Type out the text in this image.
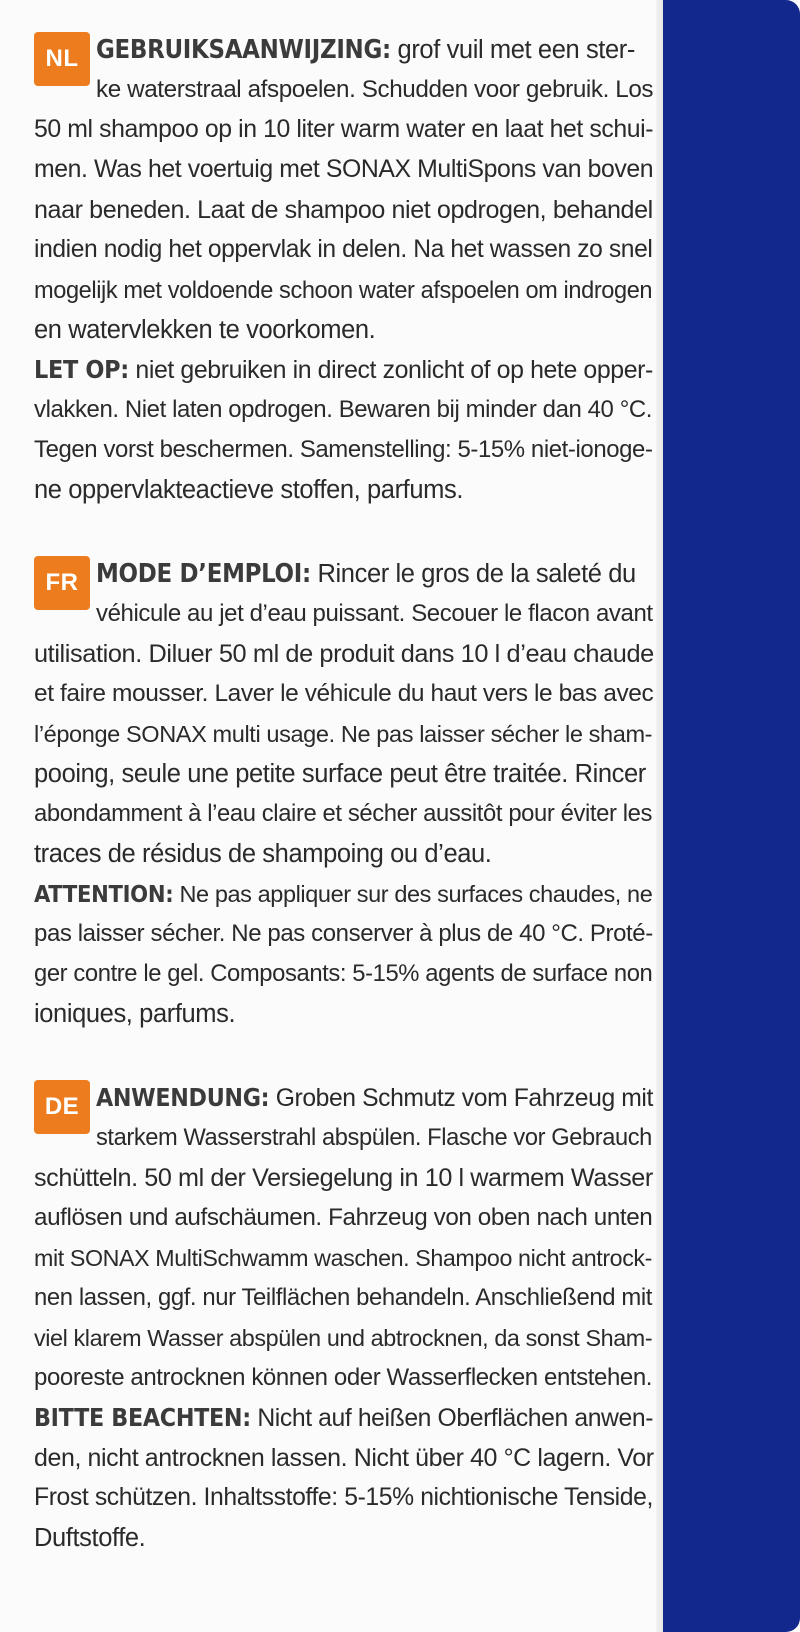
NL GEBRUIKSAANWIJZING: grof vuil met een ster-
ke waterstraal afspoelen. Schudden voor gebruik. Los
50 ml shampoo op in 10 liter warm water en laat het schui-
men. Was het voertuig met SONAX MultiSpons van boven
naar beneden. Laat de shampoo niet opdrogen, behandel
indien nodig het oppervlak in delen. Na het wassen zo snel
mogelijk met voldoende schoon water afspoelen om indrogen
en watervlekken te voorkomen.
LET OP: niet gebruiken in direct zonlicht of op hete opper-
vlakken. Niet laten opdrogen. Bewaren bij minder dan 40 °C.
Tegen vorst beschermen. Samenstelling: 5-15% niet-ionoge-
ne oppervlakteactieve stoffen, parfums.
FR MODE D’EMPLOI: Rincer le gros de la saleté du
véhicule au jet d’eau puissant. Secouer le flacon avant
utilisation. Diluer 50 ml de produit dans 10 l d’eau chaude
et faire mousser. Laver le véhicule du haut vers le bas avec
l’éponge SONAX multi usage. Ne pas laisser sécher le sham-
pooing, seule une petite surface peut être traitée. Rincer
abondamment à l’eau claire et sécher aussitôt pour éviter les
traces de résidus de shampoing ou d’eau.
ATTENTION: Ne pas appliquer sur des surfaces chaudes, ne
pas laisser sécher. Ne pas conserver à plus de 40 °C. Proté-
ger contre le gel. Composants: 5-15% agents de surface non
ioniques, parfums.
DE ANWENDUNG: Groben Schmutz vom Fahrzeug mit
starkem Wasserstrahl abspülen. Flasche vor Gebrauch
schütteln. 50 ml der Versiegelung in 10 l warmem Wasser
auflösen und aufschäumen. Fahrzeug von oben nach unten
mit SONAX MultiSchwamm waschen. Shampoo nicht antrock-
nen lassen, ggf. nur Teilflächen behandeln. Anschließend mit
viel klarem Wasser abspülen und abtrocknen, da sonst Sham-
pooreste antrocknen können oder Wasserflecken entstehen.
BITTE BEACHTEN: Nicht auf heißen Oberflächen anwen-
den, nicht antrocknen lassen. Nicht über 40 °C lagern. Vor
Frost schützen. Inhaltsstoffe: 5-15% nichtionische Tenside,
Duftstoffe.
